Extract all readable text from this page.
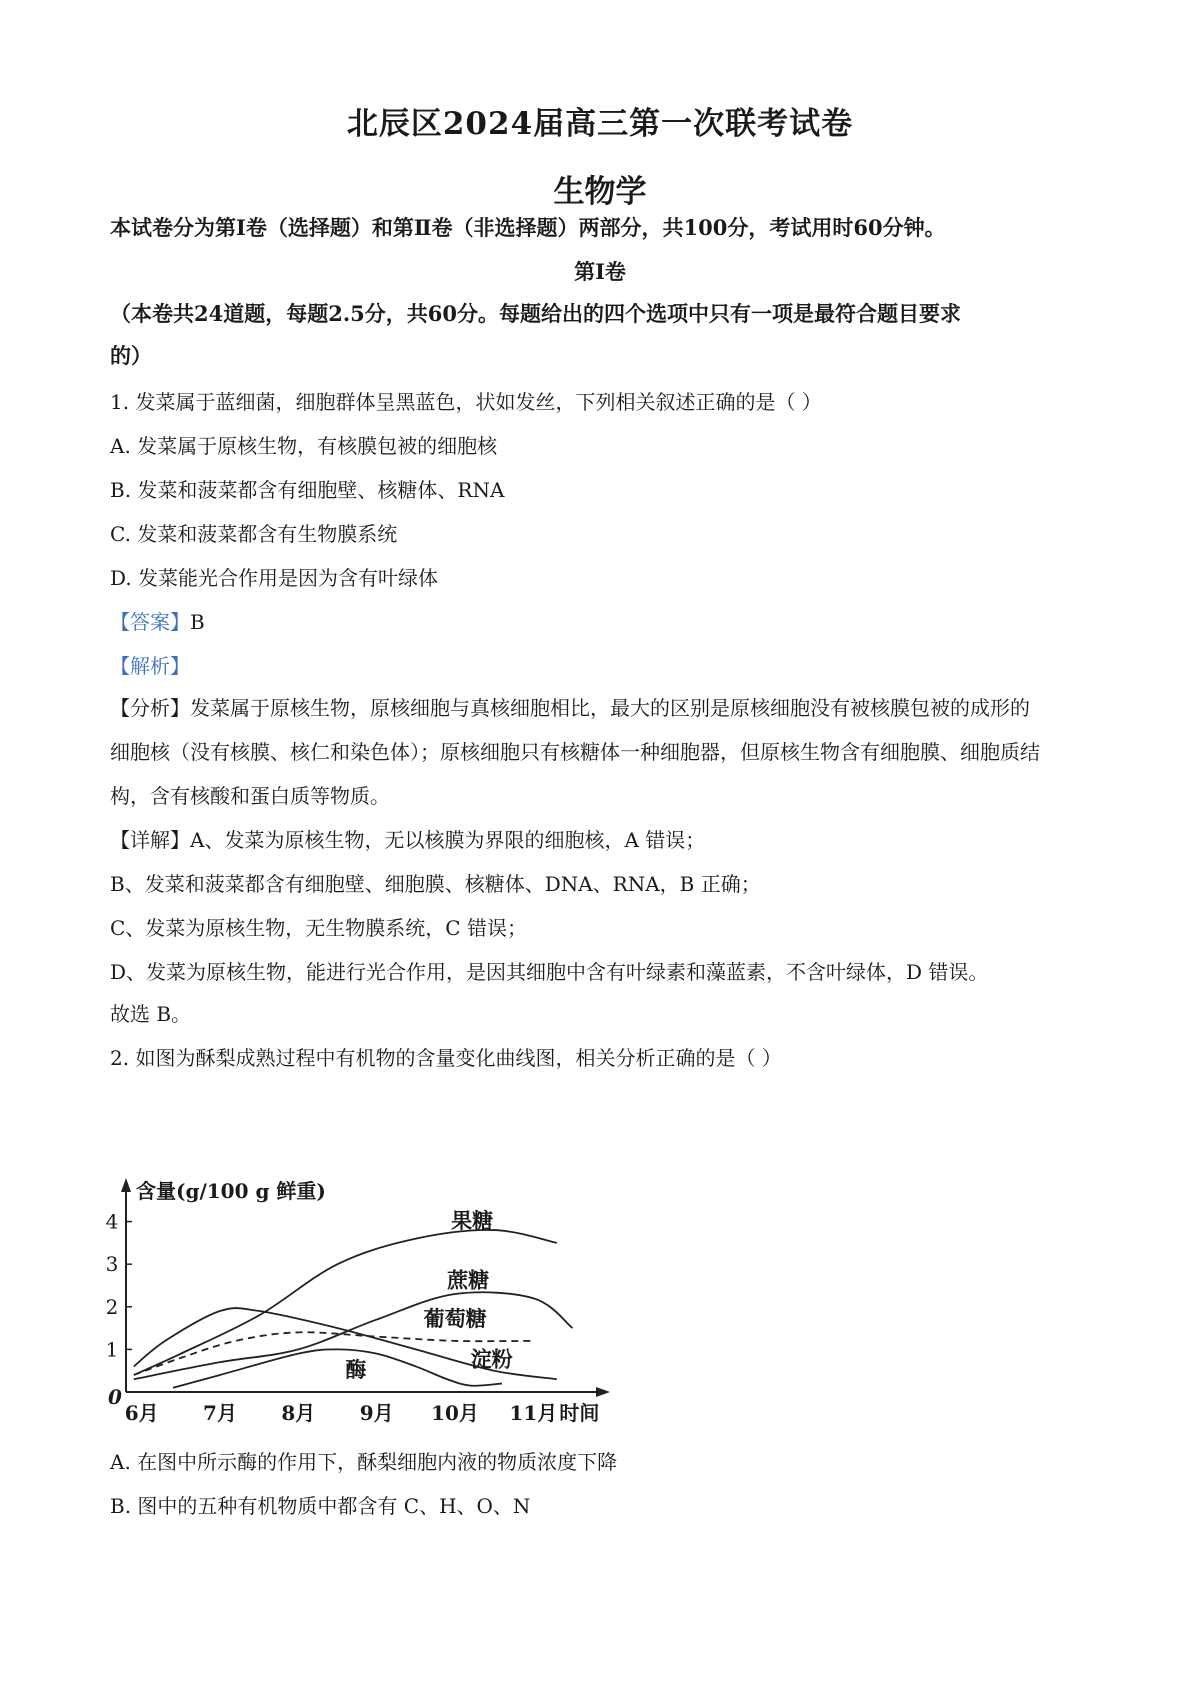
北辰区2024届高三第一次联考试卷
生物学
本试卷分为第Ⅰ卷（选择题）和第Ⅱ卷（非选择题）两部分，共100分，考试用时60分钟。
第Ⅰ卷
（本卷共24道题，每题2.5分，共60分。每题给出的四个选项中只有一项是最符合题目要求
的）
1. 发菜属于蓝细菌，细胞群体呈黑蓝色，状如发丝，下列相关叙述正确的是（ ）
A. 发菜属于原核生物，有核膜包被的细胞核
B. 发菜和菠菜都含有细胞壁、核糖体、RNA
C. 发菜和菠菜都含有生物膜系统
D. 发菜能光合作用是因为含有叶绿体
【答案】B
【解析】
【分析】发菜属于原核生物，原核细胞与真核细胞相比，最大的区别是原核细胞没有被核膜包被的成形的
细胞核（没有核膜、核仁和染色体）；原核细胞只有核糖体一种细胞器，但原核生物含有细胞膜、细胞质结
构，含有核酸和蛋白质等物质。
【详解】A、发菜为原核生物，无以核膜为界限的细胞核，A 错误；
B、发菜和菠菜都含有细胞壁、细胞膜、核糖体、DNA、RNA，B 正确；
C、发菜为原核生物，无生物膜系统，C 错误；
D、发菜为原核生物，能进行光合作用，是因其细胞中含有叶绿素和藻蓝素，不含叶绿体，D 错误。
故选 B。
2. 如图为酥梨成熟过程中有机物的含量变化曲线图，相关分析正确的是（ ）
含量(g/100 g 鲜重)
0
1
2
3
4
6月 7月 8月 9月 10月 11月 时间
果糖
蔗糖
葡萄糖
淀粉
酶
A. 在图中所示酶的作用下，酥梨细胞内液的物质浓度下降
B. 图中的五种有机物质中都含有 C、H、O、N
